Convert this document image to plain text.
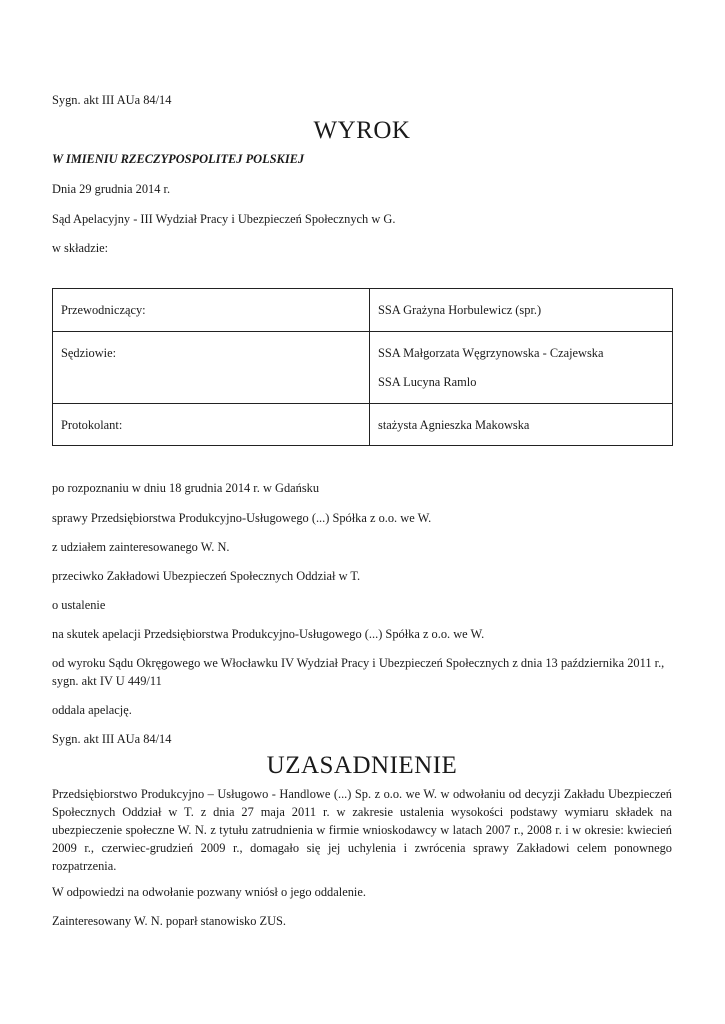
Sygn. akt III AUa 84/14
WYROK
W IMIENIU RZECZYPOSPOLITEJ POLSKIEJ
Dnia 29 grudnia 2014 r.
Sąd Apelacyjny - III Wydział Pracy i Ubezpieczeń Społecznych w G.
w składzie:
Przewodniczący:	SSA Grażyna Horbulewicz (spr.)

Sędziowie:	SSA Małgorzata Węgrzynowska - Czajewska
SSA Lucyna Ramlo

Protokolant:	stażysta Agnieszka Makowska
po rozpoznaniu w dniu 18 grudnia 2014 r. w Gdańsku
sprawy Przedsiębiorstwa Produkcyjno-Usługowego (...) Spółka z o.o. we W.
z udziałem zainteresowanego W. N.
przeciwko Zakładowi Ubezpieczeń Społecznych Oddział w T.
o ustalenie
na skutek apelacji Przedsiębiorstwa Produkcyjno-Usługowego (...) Spółka z o.o. we W.
od wyroku Sądu Okręgowego we Włocławku IV Wydział Pracy i Ubezpieczeń Społecznych z dnia 13 października 2011 r., sygn. akt IV U 449/11
oddala apelację.
Sygn. akt III AUa 84/14
UZASADNIENIE
Przedsiębiorstwo Produkcyjno – Usługowo - Handlowe (...) Sp. z o.o. we W. w odwołaniu od decyzji Zakładu Ubezpieczeń Społecznych Oddział w T. z dnia 27 maja 2011 r. w zakresie ustalenia wysokości podstawy wymiaru składek na ubezpieczenie społeczne W. N. z tytułu zatrudnienia w firmie wnioskodawcy w latach 2007 r., 2008 r. i w okresie: kwiecień 2009 r., czerwiec-grudzień 2009 r., domagało się jej uchylenia i zwrócenia sprawy Zakładowi celem ponownego rozpatrzenia.
W odpowiedzi na odwołanie pozwany wniósł o jego oddalenie.
Zainteresowany W. N. poparł stanowisko ZUS.
